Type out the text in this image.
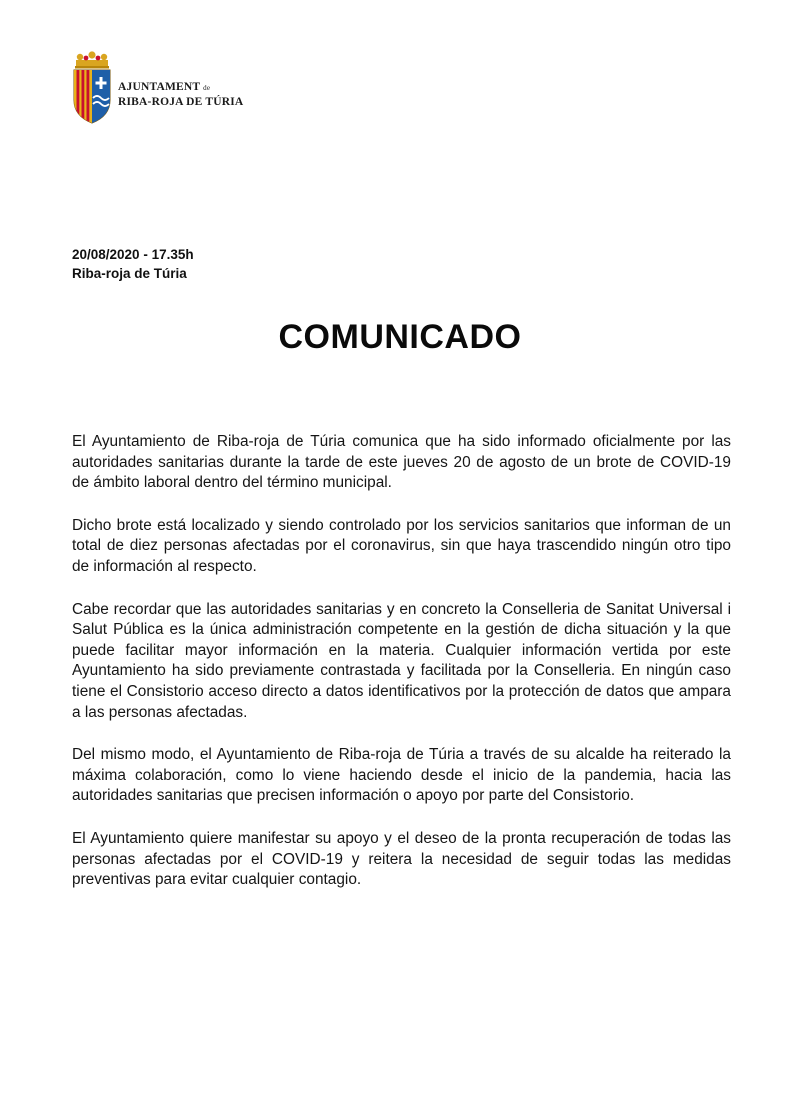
AJUNTAMENT de
RIBA-ROJA DE TÚRIA
20/08/2020 - 17.35h
Riba-roja de Túria
COMUNICADO

El Ayuntamiento de Riba-roja de Túria comunica que ha sido informado oficialmente por las autoridades sanitarias durante la tarde de este jueves 20 de agosto de un brote de COVID-19 de ámbito laboral dentro del término municipal.

Dicho brote está localizado y siendo controlado por los servicios sanitarios que informan de un total de diez personas afectadas por el coronavirus, sin que haya trascendido ningún otro tipo de información al respecto.

Cabe recordar que las autoridades sanitarias y en concreto la Conselleria de Sanitat Universal i Salut Pública es la única administración competente en la gestión de dicha situación y la que puede facilitar mayor información en la materia. Cualquier información vertida por este Ayuntamiento ha sido previamente contrastada y facilitada por la Conselleria. En ningún caso tiene el Consistorio acceso directo a datos identificativos por la protección de datos que ampara a las personas afectadas.

Del mismo modo, el Ayuntamiento de Riba-roja de Túria a través de su alcalde ha reiterado la máxima colaboración, como lo viene haciendo desde el inicio de la pandemia, hacia las autoridades sanitarias que precisen información o apoyo por parte del Consistorio.

El Ayuntamiento quiere manifestar su apoyo y el deseo de la pronta recuperación de todas las personas afectadas por el COVID-19 y reitera la necesidad de seguir todas las medidas preventivas para evitar cualquier contagio.
